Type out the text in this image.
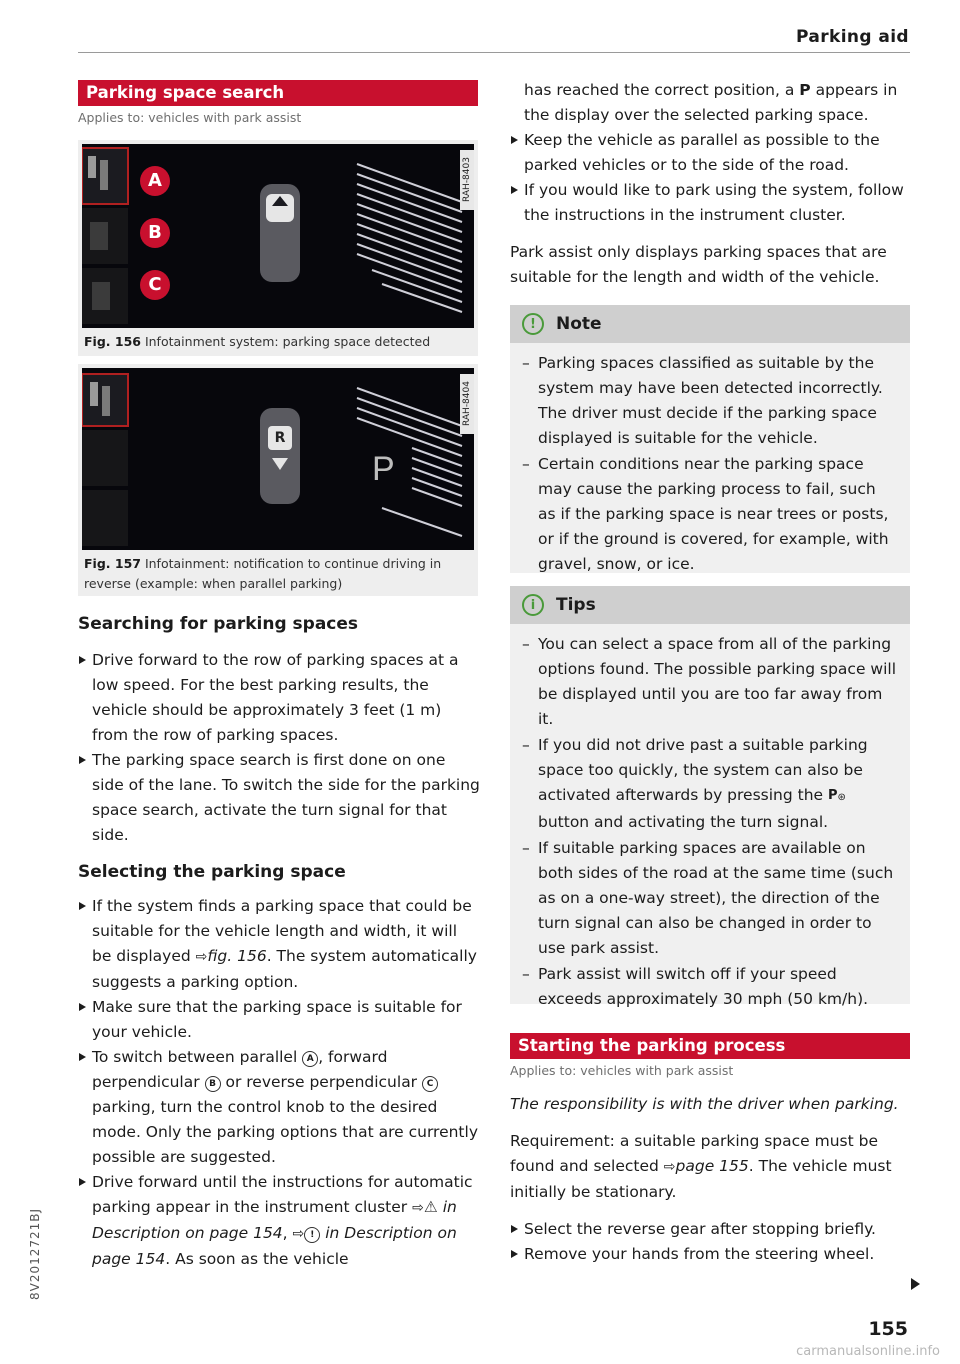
Parking aid
Parking space search
Applies to: vehicles with park assist
A
B
C
RAH-8403
Fig. 156 Infotainment system: parking space detected
R
P
RAH-8404
Fig. 157 Infotainment: notification to continue driving in reverse (example: when parallel parking)
Searching for parking spaces
Drive forward to the row of parking spaces at a low speed. For the best parking results, the vehicle should be approximately 3 feet (1 m) from the row of parking spaces.
The parking space search is first done on one side of the lane. To switch the side for the parking space search, activate the turn signal for that side.
Selecting the parking space
If the system finds a parking space that could be suitable for the vehicle length and width, it will be displayed ⇨fig. 156. The system automatically suggests a parking option.
Make sure that the parking space is suitable for your vehicle.
To switch between parallel A , forward perpendicular B or reverse perpendicular C parking, turn the control knob to the desired mode. Only the parking options that are currently possible are suggested.
Drive forward until the instructions for automatic parking appear in the instrument cluster ⇨⚠ in Description on page 154, ⇨ ! in Description on page 154. As soon as the vehicle
has reached the correct position, a P appears in the display over the selected parking space.
Keep the vehicle as parallel as possible to the parked vehicles or to the side of the road.
If you would like to park using the system, follow the instructions in the instrument cluster.

Park assist only displays parking spaces that are suitable for the length and width of the vehicle.

!	Note
– Parking spaces classified as suitable by the system may have been detected incorrectly. The driver must decide if the parking space displayed is suitable for the vehicle.
– Certain conditions near the parking space may cause the parking process to fail, such as if the parking space is near trees or posts, or if the ground is covered, for example, with gravel, snow, or ice.
i	Tips
– You can select a space from all of the parking options found. The possible parking space will be displayed until you are too far away from it.
– If you did not drive past a suitable parking space too quickly, the system can also be activated afterwards by pressing the P⊛ button and activating the turn signal.
– If suitable parking spaces are available on both sides of the road at the same time (such as on a one-way street), the direction of the turn signal can also be changed in order to use park assist.
– Park assist will switch off if your speed exceeds approximately 30 mph (50 km/h).
Starting the parking process
Applies to: vehicles with park assist

The responsibility is with the driver when parking.

Requirement: a suitable parking space must be found and selected ⇨page 155. The vehicle must initially be stationary.

Select the reverse gear after stopping briefly.
Remove your hands from the steering wheel.
155
8V2012721BJ
carmanualsonline.info
